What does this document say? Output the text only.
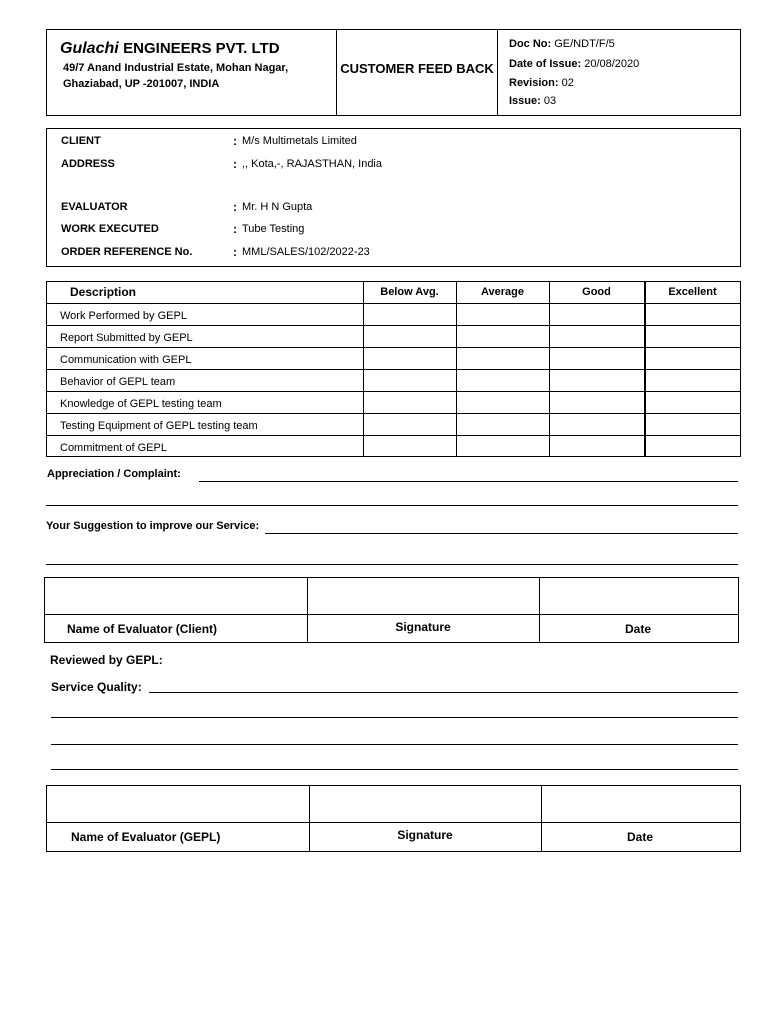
Gulachi ENGINEERS PVT. LTD
49/7 Anand Industrial Estate, Mohan Nagar,
Ghaziabad, UP -201007, INDIA
CUSTOMER FEED BACK
Doc No: GE/NDT/F/5
Date of Issue: 20/08/2020
Revision: 02
Issue: 03
CLIENT	: M/s Multimetals Limited
ADDRESS	: ,, Kota,-, RAJASTHAN, India
EVALUATOR	: Mr. H N Gupta
WORK EXECUTED	: Tube Testing
ORDER REFERENCE No.	: MML/SALES/102/2022-23
Description	Below Avg.	Average	Good	Excellent
Work Performed by GEPL
Report Submitted by GEPL
Communication with GEPL
Behavior of GEPL team
Knowledge of GEPL testing team
Testing Equipment of GEPL testing team
Commitment of GEPL
Appreciation / Complaint:
Your Suggestion to improve our Service:
Name of Evaluator (Client)	Signature	Date
Reviewed by GEPL:
Service Quality:
Name of Evaluator (GEPL)	Signature	Date
